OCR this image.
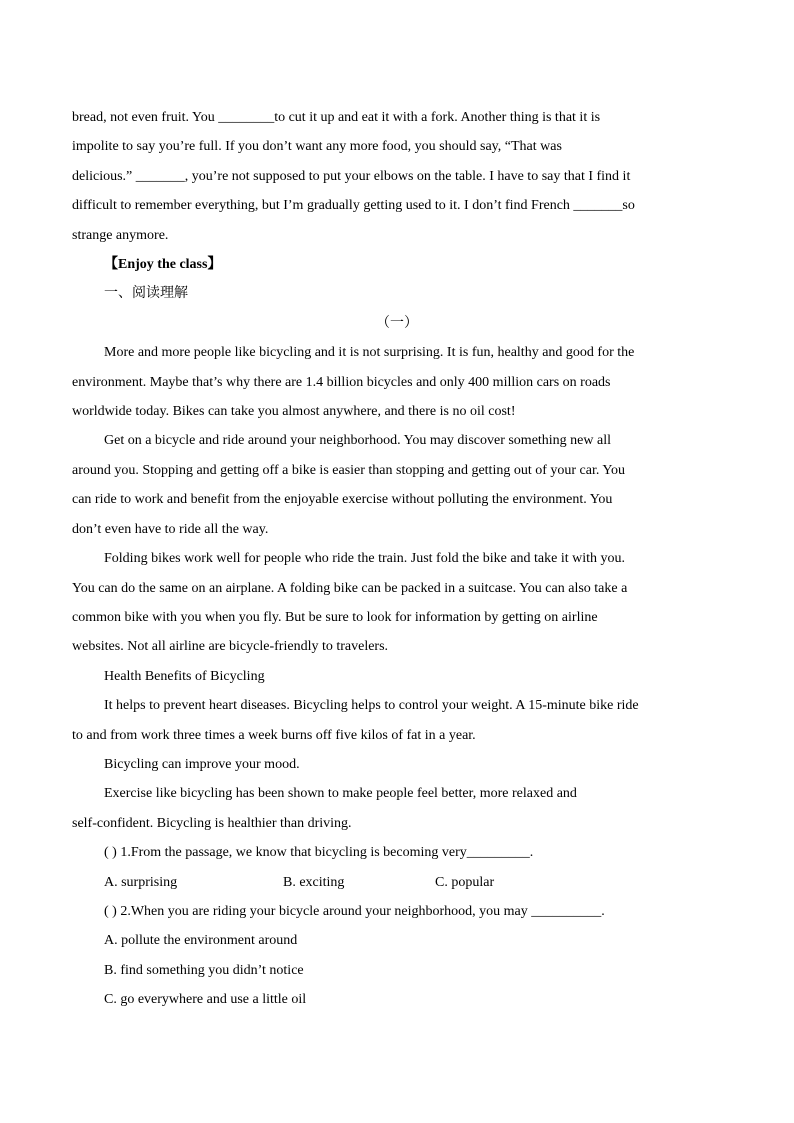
bread, not even fruit. You ________to cut it up and eat it with a fork. Another thing is that it is

impolite to say you’re full. If you don’t want any more food, you should say, “That was

delicious.” _______, you’re not supposed to put your elbows on the table. I have to say that I find it

difficult to remember everything, but I’m gradually getting used to it. I don’t find French _______so

strange anymore.

【Enjoy the class】

一、阅读理解

（一）

More and more people like bicycling and it is not surprising. It is fun, healthy and good for the

environment. Maybe that’s why there are 1.4 billion bicycles and only 400 million cars on roads

worldwide today. Bikes can take you almost anywhere, and there is no oil cost!

Get on a bicycle and ride around your neighborhood. You may discover something new all

around you. Stopping and getting off a bike is easier than stopping and getting out of your car. You

can ride to work and benefit from the enjoyable exercise without polluting the environment. You

don’t even have to ride all the way.

Folding bikes work well for people who ride the train. Just fold the bike and take it with you.

You can do the same on an airplane. A folding bike can be packed in a suitcase. You can also take a

common bike with you when you fly. But be sure to look for information by getting on airline

websites. Not all airline are bicycle-friendly to travelers.

Health Benefits of Bicycling

It helps to prevent heart diseases. Bicycling helps to control your weight. A 15-minute bike ride

to and from work three times a week burns off five kilos of fat in a year.

Bicycling can improve your mood.

Exercise like bicycling has been shown to make people feel better, more relaxed and

self-confident. Bicycling is healthier than driving.

( ) 1.From the passage, we know that bicycling is becoming very_________.

A. surprising	B. exciting	C. popular

( ) 2.When you are riding your bicycle around your neighborhood, you may __________.

A. pollute the environment around

B. find something you didn’t notice

C. go everywhere and use a little oil
